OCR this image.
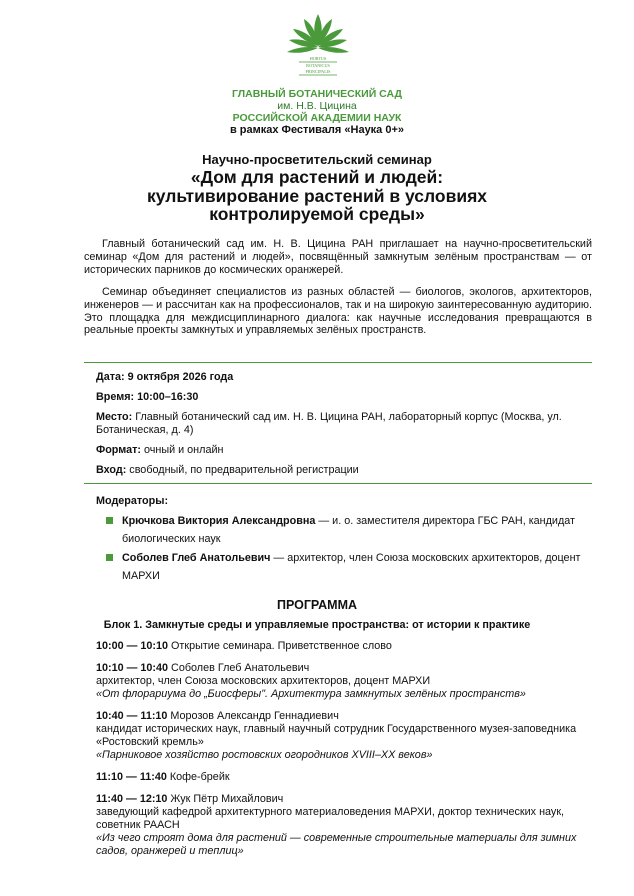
HORTUS
BOTANICUS
PRINCIPALIS
ГЛАВНЫЙ БОТАНИЧЕСКИЙ САД
им. Н.В. Цицина
РОССИЙСКОЙ АКАДЕМИИ НАУК
в рамках Фестиваля «Наука 0+»
Научно-просветительский семинар
«Дом для растений и людей:
культивирование растений в условиях
контролируемой среды»
Главный ботанический сад им. Н. В. Цицина РАН приглашает на научно-просветительский семинар «Дом для растений и людей», посвящённый замкнутым зелёным пространствам — от исторических парников до космических оранжерей.
Семинар объединяет специалистов из разных областей — биологов, экологов, архитекторов, инженеров — и рассчитан как на профессионалов, так и на широкую заинтересованную аудиторию. Это площадка для междисциплинарного диалога: как научные исследования превращаются в реальные проекты замкнутых и управляемых зелёных пространств.
Дата: 9 октября 2026 года
Время: 10:00–16:30
Место: Главный ботанический сад им. Н. В. Цицина РАН, лабораторный корпус (Москва, ул. Ботаническая, д. 4)
Формат: очный и онлайн
Вход: свободный, по предварительной регистрации
Модераторы:
Крючкова Виктория Александровна — и. о. заместителя директора ГБС РАН, кандидат биологических наук
Соболев Глеб Анатольевич — архитектор, член Союза московских архитекторов, доцент МАРХИ
ПРОГРАММА
Блок 1. Замкнутые среды и управляемые пространства: от истории к практике
10:00 — 10:10 Открытие семинара. Приветственное слово
10:10 — 10:40 Соболев Глеб Анатольевич
архитектор, член Союза московских архитекторов, доцент МАРХИ
«От флорариума до „Биосферы". Архитектура замкнутых зелёных пространств»
10:40 — 11:10 Морозов Александр Геннадиевич
кандидат исторических наук, главный научный сотрудник Государственного музея-заповедника «Ростовский кремль»
«Парниковое хозяйство ростовских огородников XVIII–XX веков»
11:10 — 11:40 Кофе-брейк
11:40 — 12:10 Жук Пётр Михайлович
заведующий кафедрой архитектурного материаловедения МАРХИ, доктор технических наук, советник РААСН
«Из чего строят дома для растений — современные строительные материалы для зимних садов, оранжерей и теплиц»
